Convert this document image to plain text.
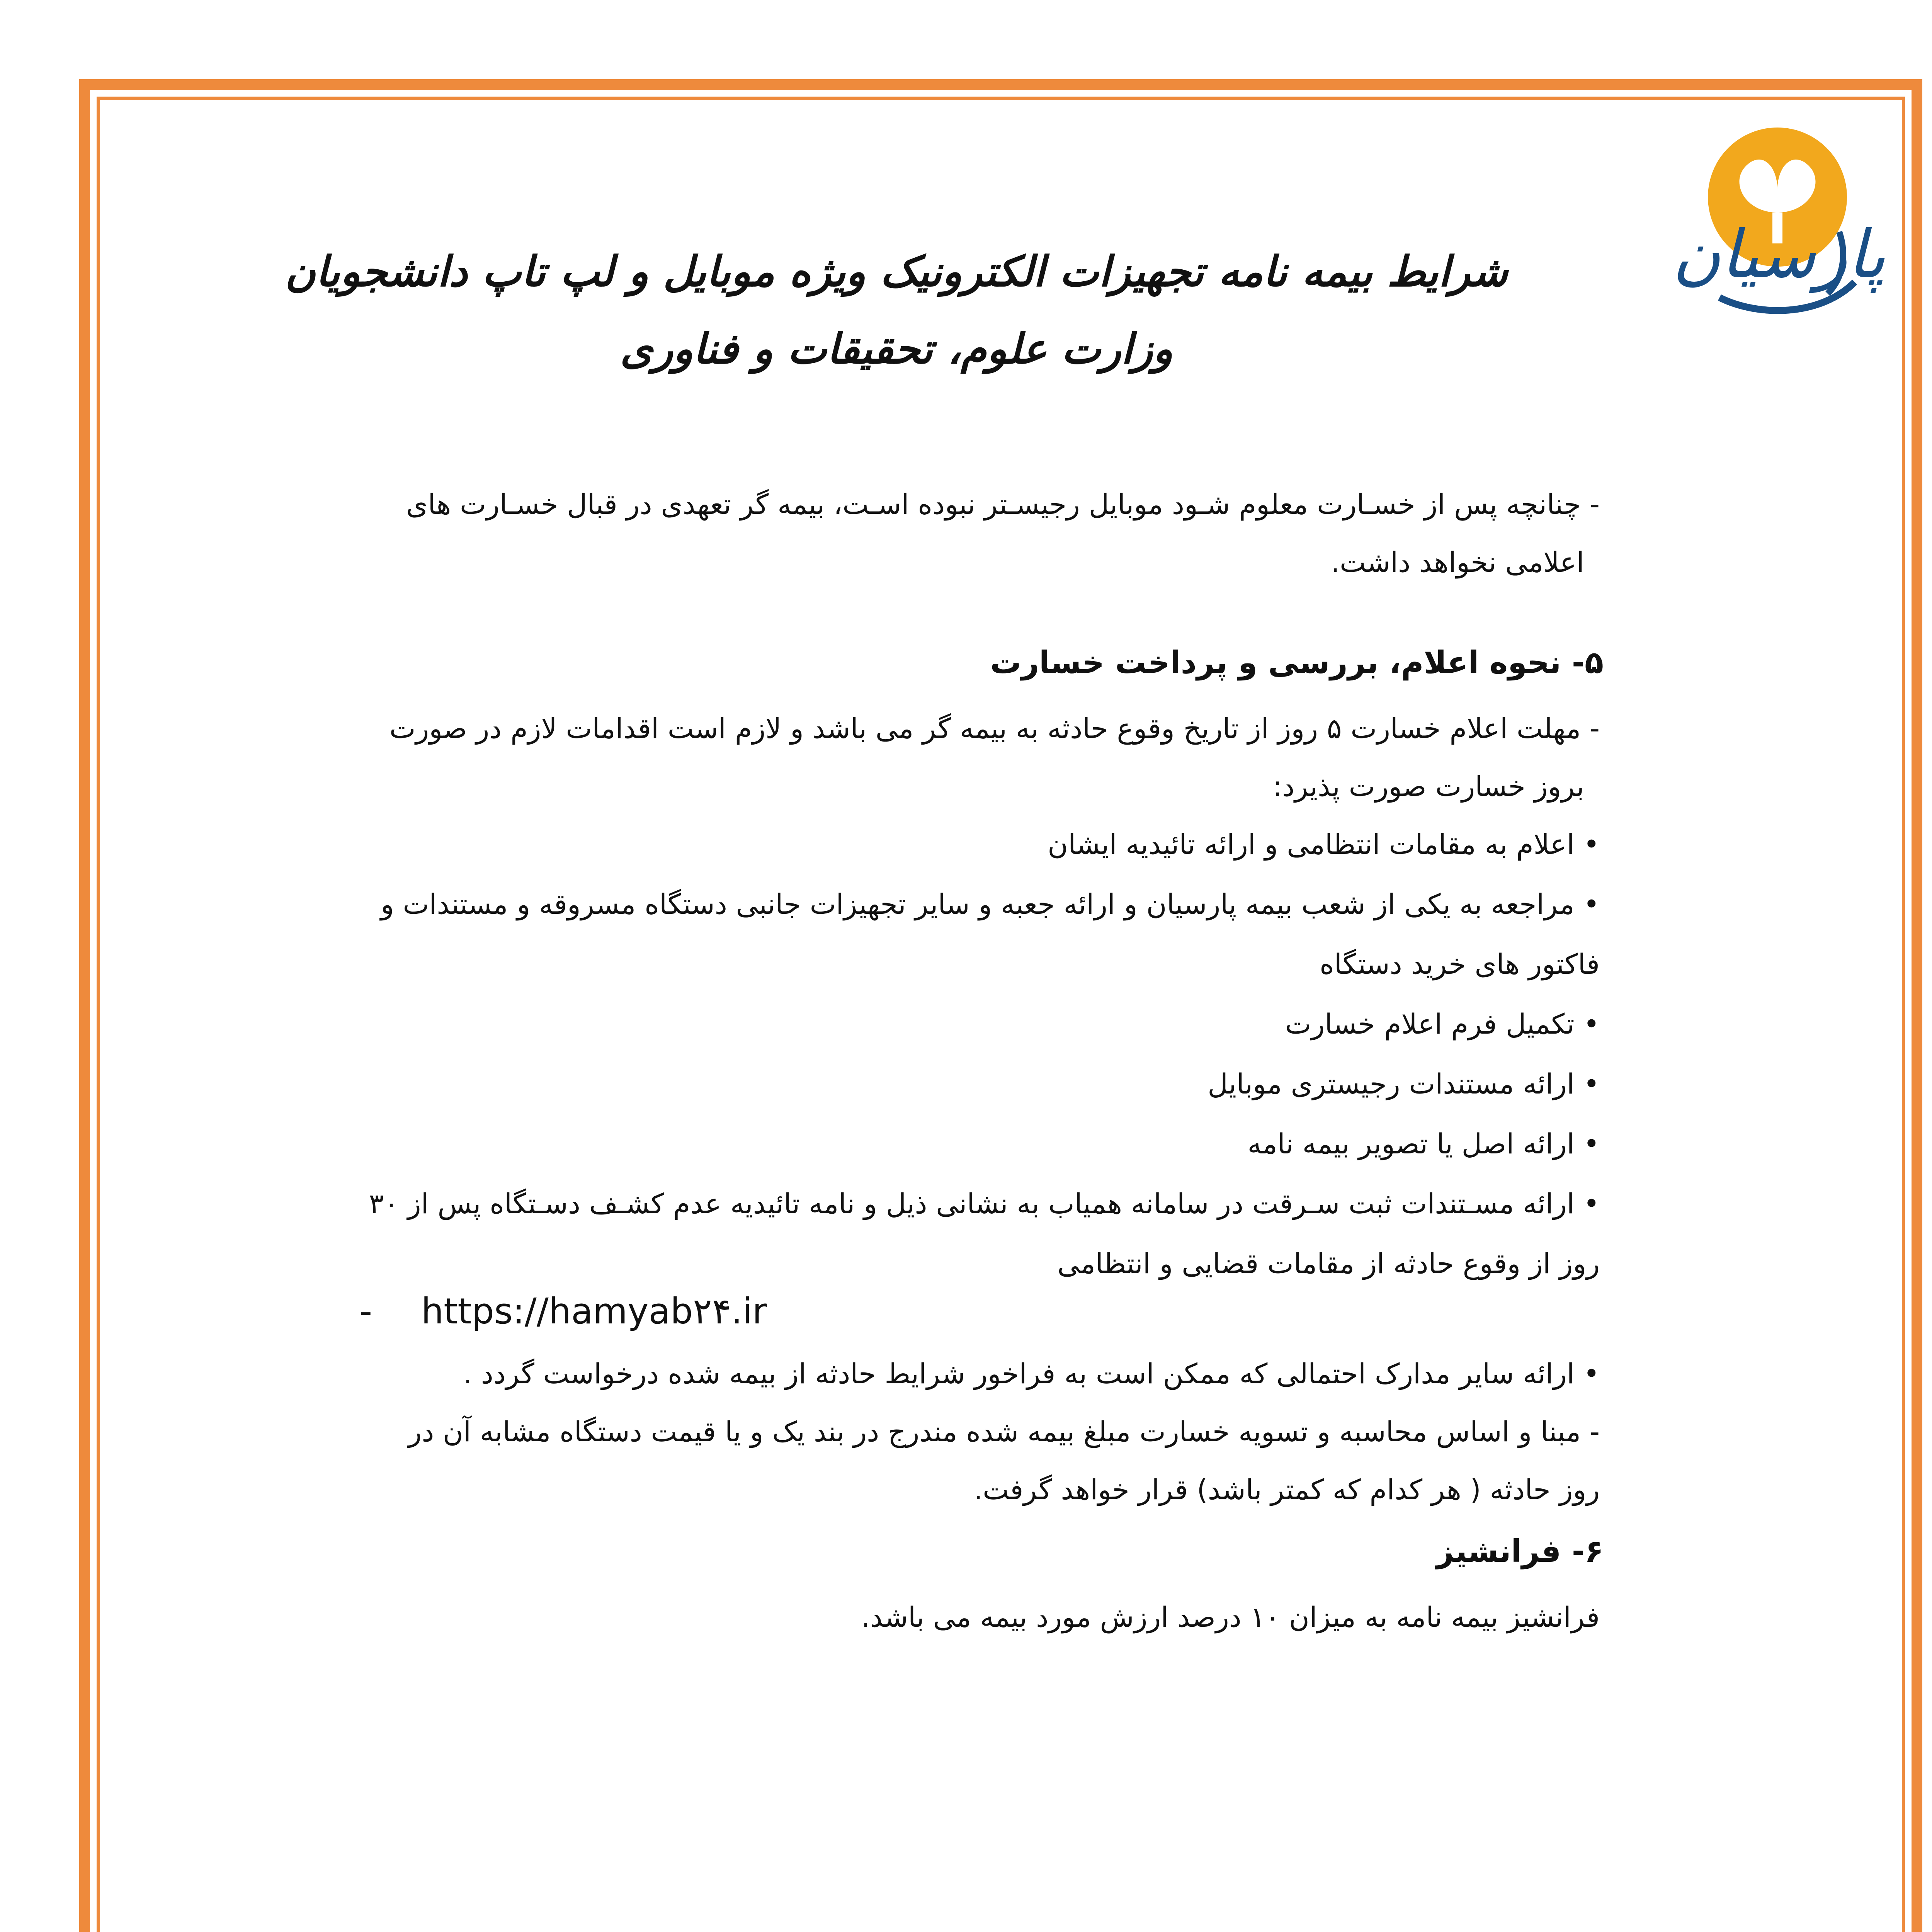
پارسیان
شرایط بیمه نامه تجهیزات الکترونیک ویژه موبایل و لپ تاپ دانشجویان
وزارت علوم، تحقیقات و فناوری
- چنانچه پس از خسـارت معلوم شـود موبایل رجیسـتر نبوده اسـت، بیمه گر تعهدی در قبال خسـارت های
اعلامی نخواهد داشت.
۵- نحوه اعلام، بررسی و پرداخت خسارت
- مهلت اعلام خسارت ۵ روز از تاریخ وقوع حادثه به بیمه گر می باشد و لازم است اقدامات لازم در صورت
بروز خسارت صورت پذیرد:
• اعلام به مقامات انتظامی و ارائه تائیدیه ایشان
• مراجعه به یکی از شعب بیمه پارسیان و ارائه جعبه و سایر تجهیزات جانبی دستگاه مسروقه و مستندات و
فاکتور های خرید دستگاه
• تکمیل فرم اعلام خسارت
• ارائه مستندات رجیستری موبایل
• ارائه اصل یا تصویر بیمه نامه
• ارائه مسـتندات ثبت سـرقت در سامانه همیاب به نشانی ذیل و نامه تائیدیه عدم کشـف دسـتگاه پس از ۳۰
روز از وقوع حادثه از مقامات قضایی و انتظامی
- https://hamyab۲۴.ir
• ارائه سایر مدارک احتمالی که ممکن است به فراخور شرایط حادثه از بیمه شده درخواست گردد .
- مبنا و اساس محاسبه و تسویه خسارت مبلغ بیمه شده مندرج در بند یک و یا قیمت دستگاه مشابه آن در
روز حادثه ( هر کدام که کمتر باشد) قرار خواهد گرفت.
۶- فرانشیز
فرانشیز بیمه نامه به میزان ۱۰ درصد ارزش مورد بیمه می باشد.
